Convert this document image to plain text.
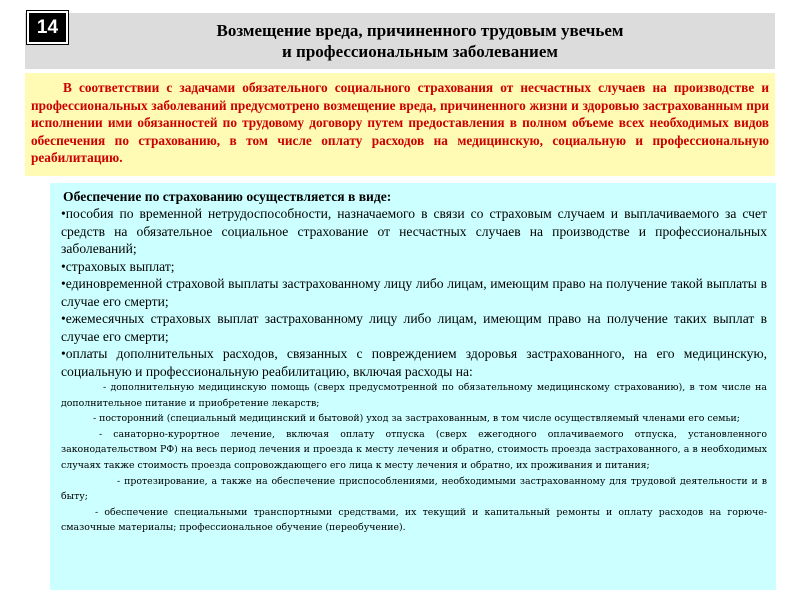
Возмещение вреда, причиненного трудовым увечьем
и профессиональным заболеванием
14

В соответствии с задачами обязательного социального страхования от несчастных случаев на производстве и профессиональных заболеваний предусмотрено возмещение вреда, причиненного жизни и здоровью застрахованным при исполнении ими обязанностей по трудовому договору путем предоставления в полном объеме всех необходимых видов обеспечения по страхованию, в том числе оплату расходов на медицинскую, социальную и профессиональную реабилитацию.

Обеспечение по страхованию осуществляется в виде:

•пособия по временной нетрудоспособности, назначаемого в связи со страховым случаем и выплачиваемого за счет средств на обязательное социальное страхование от несчастных случаев на производстве и профессиональных заболеваний;

•страховых выплат;

•единовременной страховой выплаты застрахованному лицу либо лицам, имеющим право на получение такой выплаты в случае его смерти;

•ежемесячных страховых выплат застрахованному лицу либо лицам, имеющим право на получение таких выплат в случае его смерти;

•оплаты дополнительных расходов, связанных с повреждением здоровья застрахованного, на его медицинскую, социальную и профессиональную реабилитацию, включая расходы на:

- дополнительную медицинскую помощь (сверх предусмотренной по обязательному медицинскому страхованию), в том числе на дополнительное питание и приобретение лекарств;

- посторонний (специальный медицинский и бытовой) уход за застрахованным, в том числе осуществляемый членами его семьи;

- санаторно-курортное лечение, включая оплату отпуска (сверх ежегодного оплачиваемого отпуска, установленного законодательством РФ) на весь период лечения и проезда к месту лечения и обратно, стоимость проезда застрахованного, а в необходимых случаях также стоимость проезда сопровождающего его лица к месту лечения и обратно, их проживания и питания;

- протезирование, а также на обеспечение приспособлениями, необходимыми застрахованному для трудовой деятельности и в быту;

- обеспечение специальными транспортными средствами, их текущий и капитальный ремонты и оплату расходов на горюче-смазочные материалы; профессиональное обучение (переобучение).
